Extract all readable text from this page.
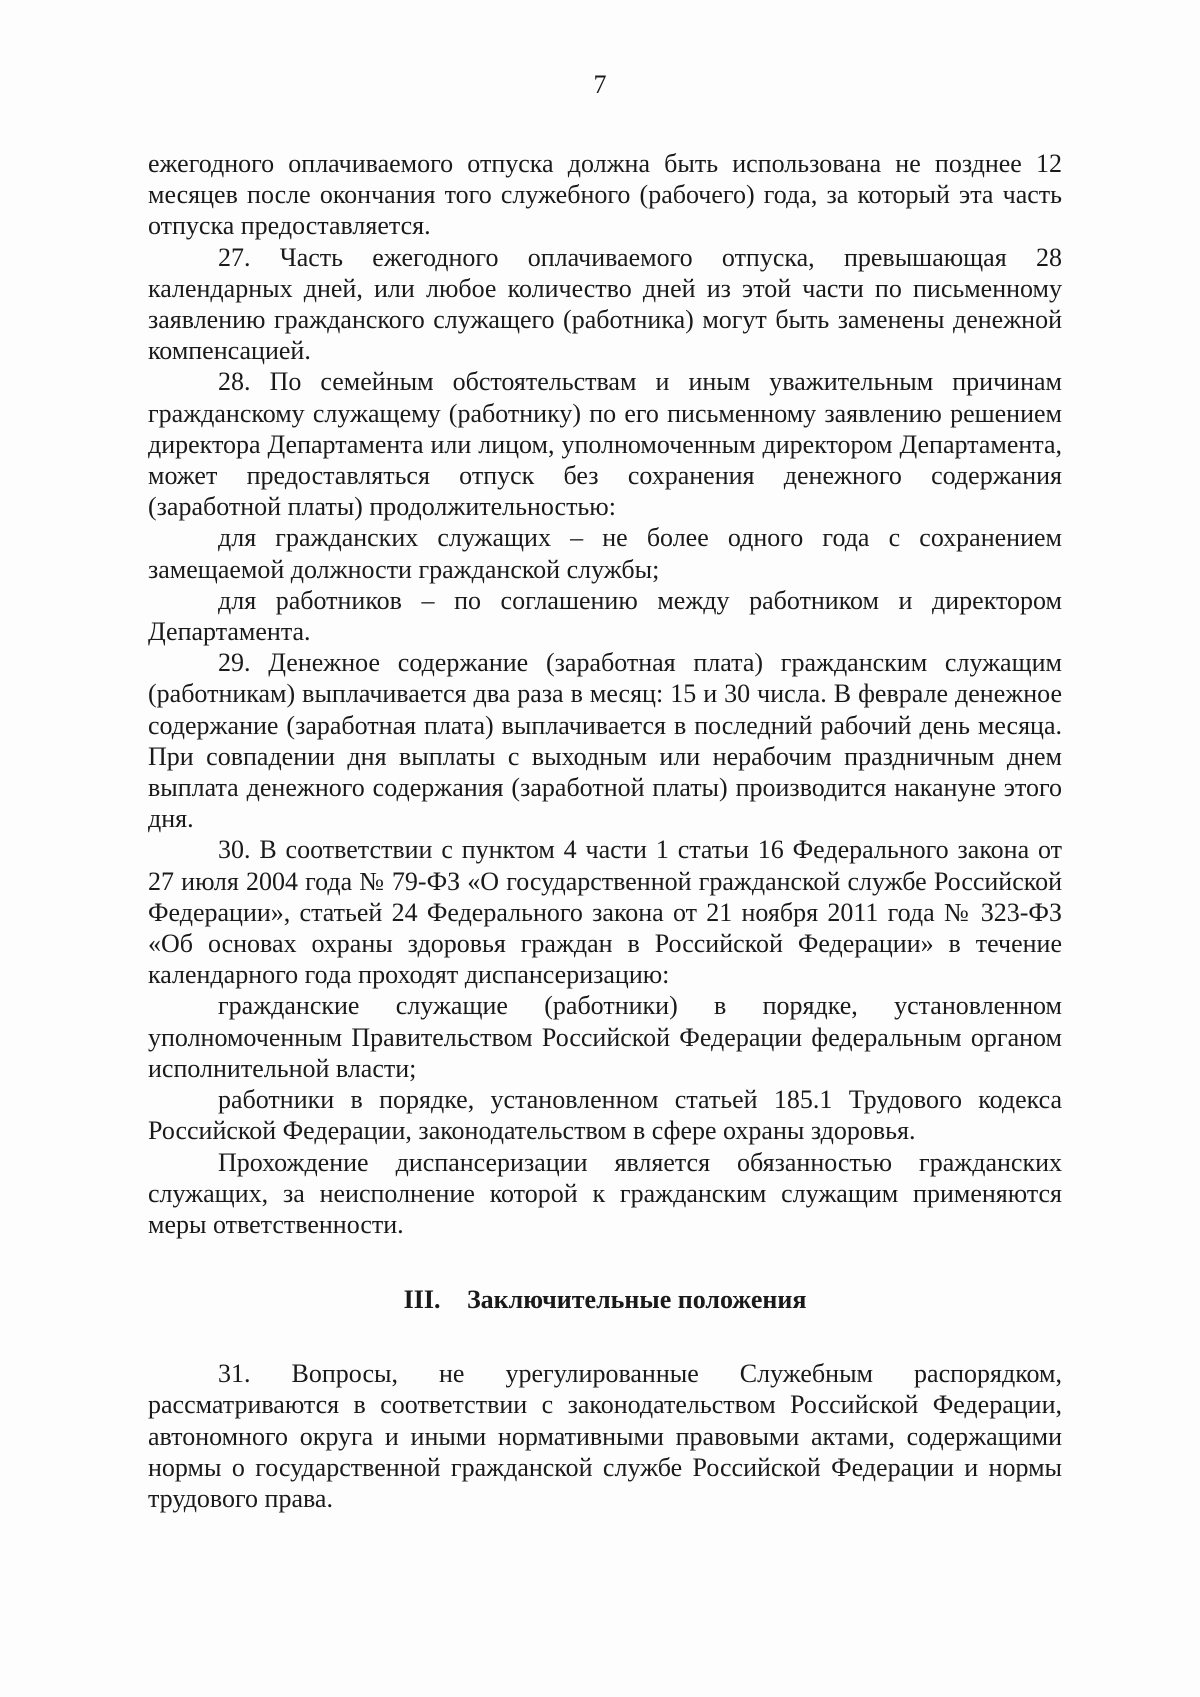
7

ежегодного оплачиваемого отпуска должна быть использована не позднее 12 месяцев после окончания того служебного (рабочего) года, за который эта часть отпуска предоставляется.

27. Часть ежегодного оплачиваемого отпуска, превышающая 28 календарных дней, или любое количество дней из этой части по письменному заявлению гражданского служащего (работника) могут быть заменены денежной компенсацией.

28. По семейным обстоятельствам и иным уважительным причинам гражданскому служащему (работнику) по его письменному заявлению решением директора Департамента или лицом, уполномоченным директором Департамента, может предоставляться отпуск без сохранения денежного содержания (заработной платы) продолжительностью:

для гражданских служащих – не более одного года с сохранением замещаемой должности гражданской службы;

для работников – по соглашению между работником и директором Департамента.

29. Денежное содержание (заработная плата) гражданским служащим (работникам) выплачивается два раза в месяц: 15 и 30 числа. В феврале денежное содержание (заработная плата) выплачивается в последний рабочий день месяца. При совпадении дня выплаты с выходным или нерабочим праздничным днем выплата денежного содержания (заработной платы) производится накануне этого дня.

30. В соответствии с пунктом 4 части 1 статьи 16 Федерального закона от 27 июля 2004 года № 79-ФЗ «О государственной гражданской службе Российской Федерации», статьей 24 Федерального закона от 21 ноября 2011 года № 323-ФЗ «Об основах охраны здоровья граждан в Российской Федерации» в течение календарного года проходят диспансеризацию:

гражданские служащие (работники) в порядке, установленном уполномоченным Правительством Российской Федерации федеральным органом исполнительной власти;

работники в порядке, установленном статьей 185.1 Трудового кодекса Российской Федерации, законодательством в сфере охраны здоровья.

Прохождение диспансеризации является обязанностью гражданских служащих, за неисполнение которой к гражданским служащим применяются меры ответственности.

III. Заключительные положения

31. Вопросы, не урегулированные Служебным распорядком, рассматриваются в соответствии с законодательством Российской Федерации, автономного округа и иными нормативными правовыми актами, содержащими нормы о государственной гражданской службе Российской Федерации и нормы трудового права.
